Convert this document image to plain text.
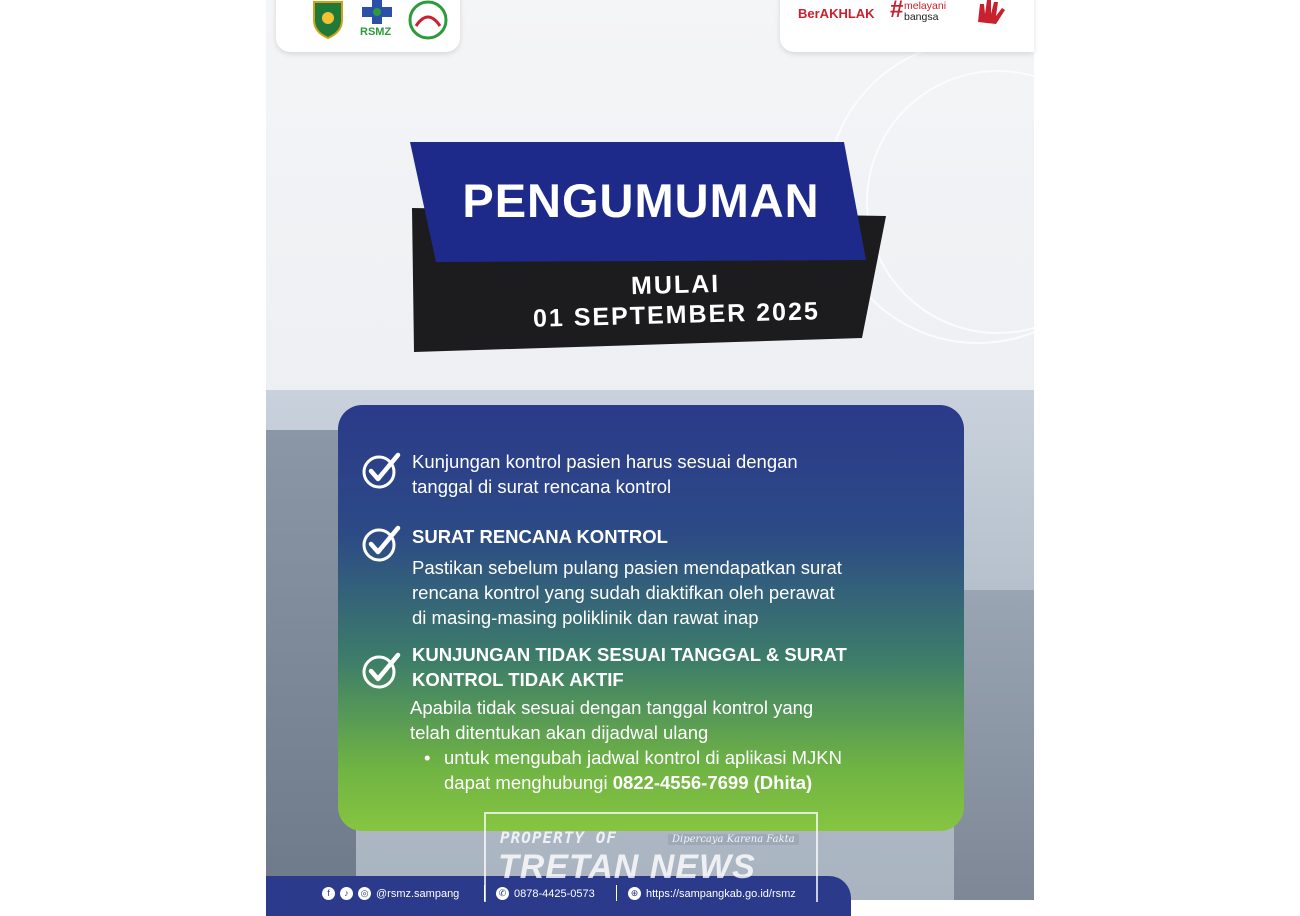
RSMZ
BerAKHLAK # melayani
bangsa
PENGUMUMAN
MULAI
01 SEPTEMBER 2025
Kunjungan kontrol pasien harus sesuai dengan
tanggal di surat rencana kontrol
SURAT RENCANA KONTROL
Pastikan sebelum pulang pasien mendapatkan surat
rencana kontrol yang sudah diaktifkan oleh perawat
di masing-masing poliklinik dan rawat inap
KUNJUNGAN TIDAK SESUAI TANGGAL & SURAT
KONTROL TIDAK AKTIF
Apabila tidak sesuai dengan tanggal kontrol yang
telah ditentukan akan dijadwal ulang
• untuk mengubah jadwal kontrol di aplikasi MJKN
dapat menghubungi 0822-4556-7699 (Dhita)
f	♪	◎ @rsmz.sampang	✆ 0878-4425-0573	⊕ https://sampangkab.go.id/rsmz
PROPERTY OF	Dipercaya Karena Fakta
TRETAN NEWS
